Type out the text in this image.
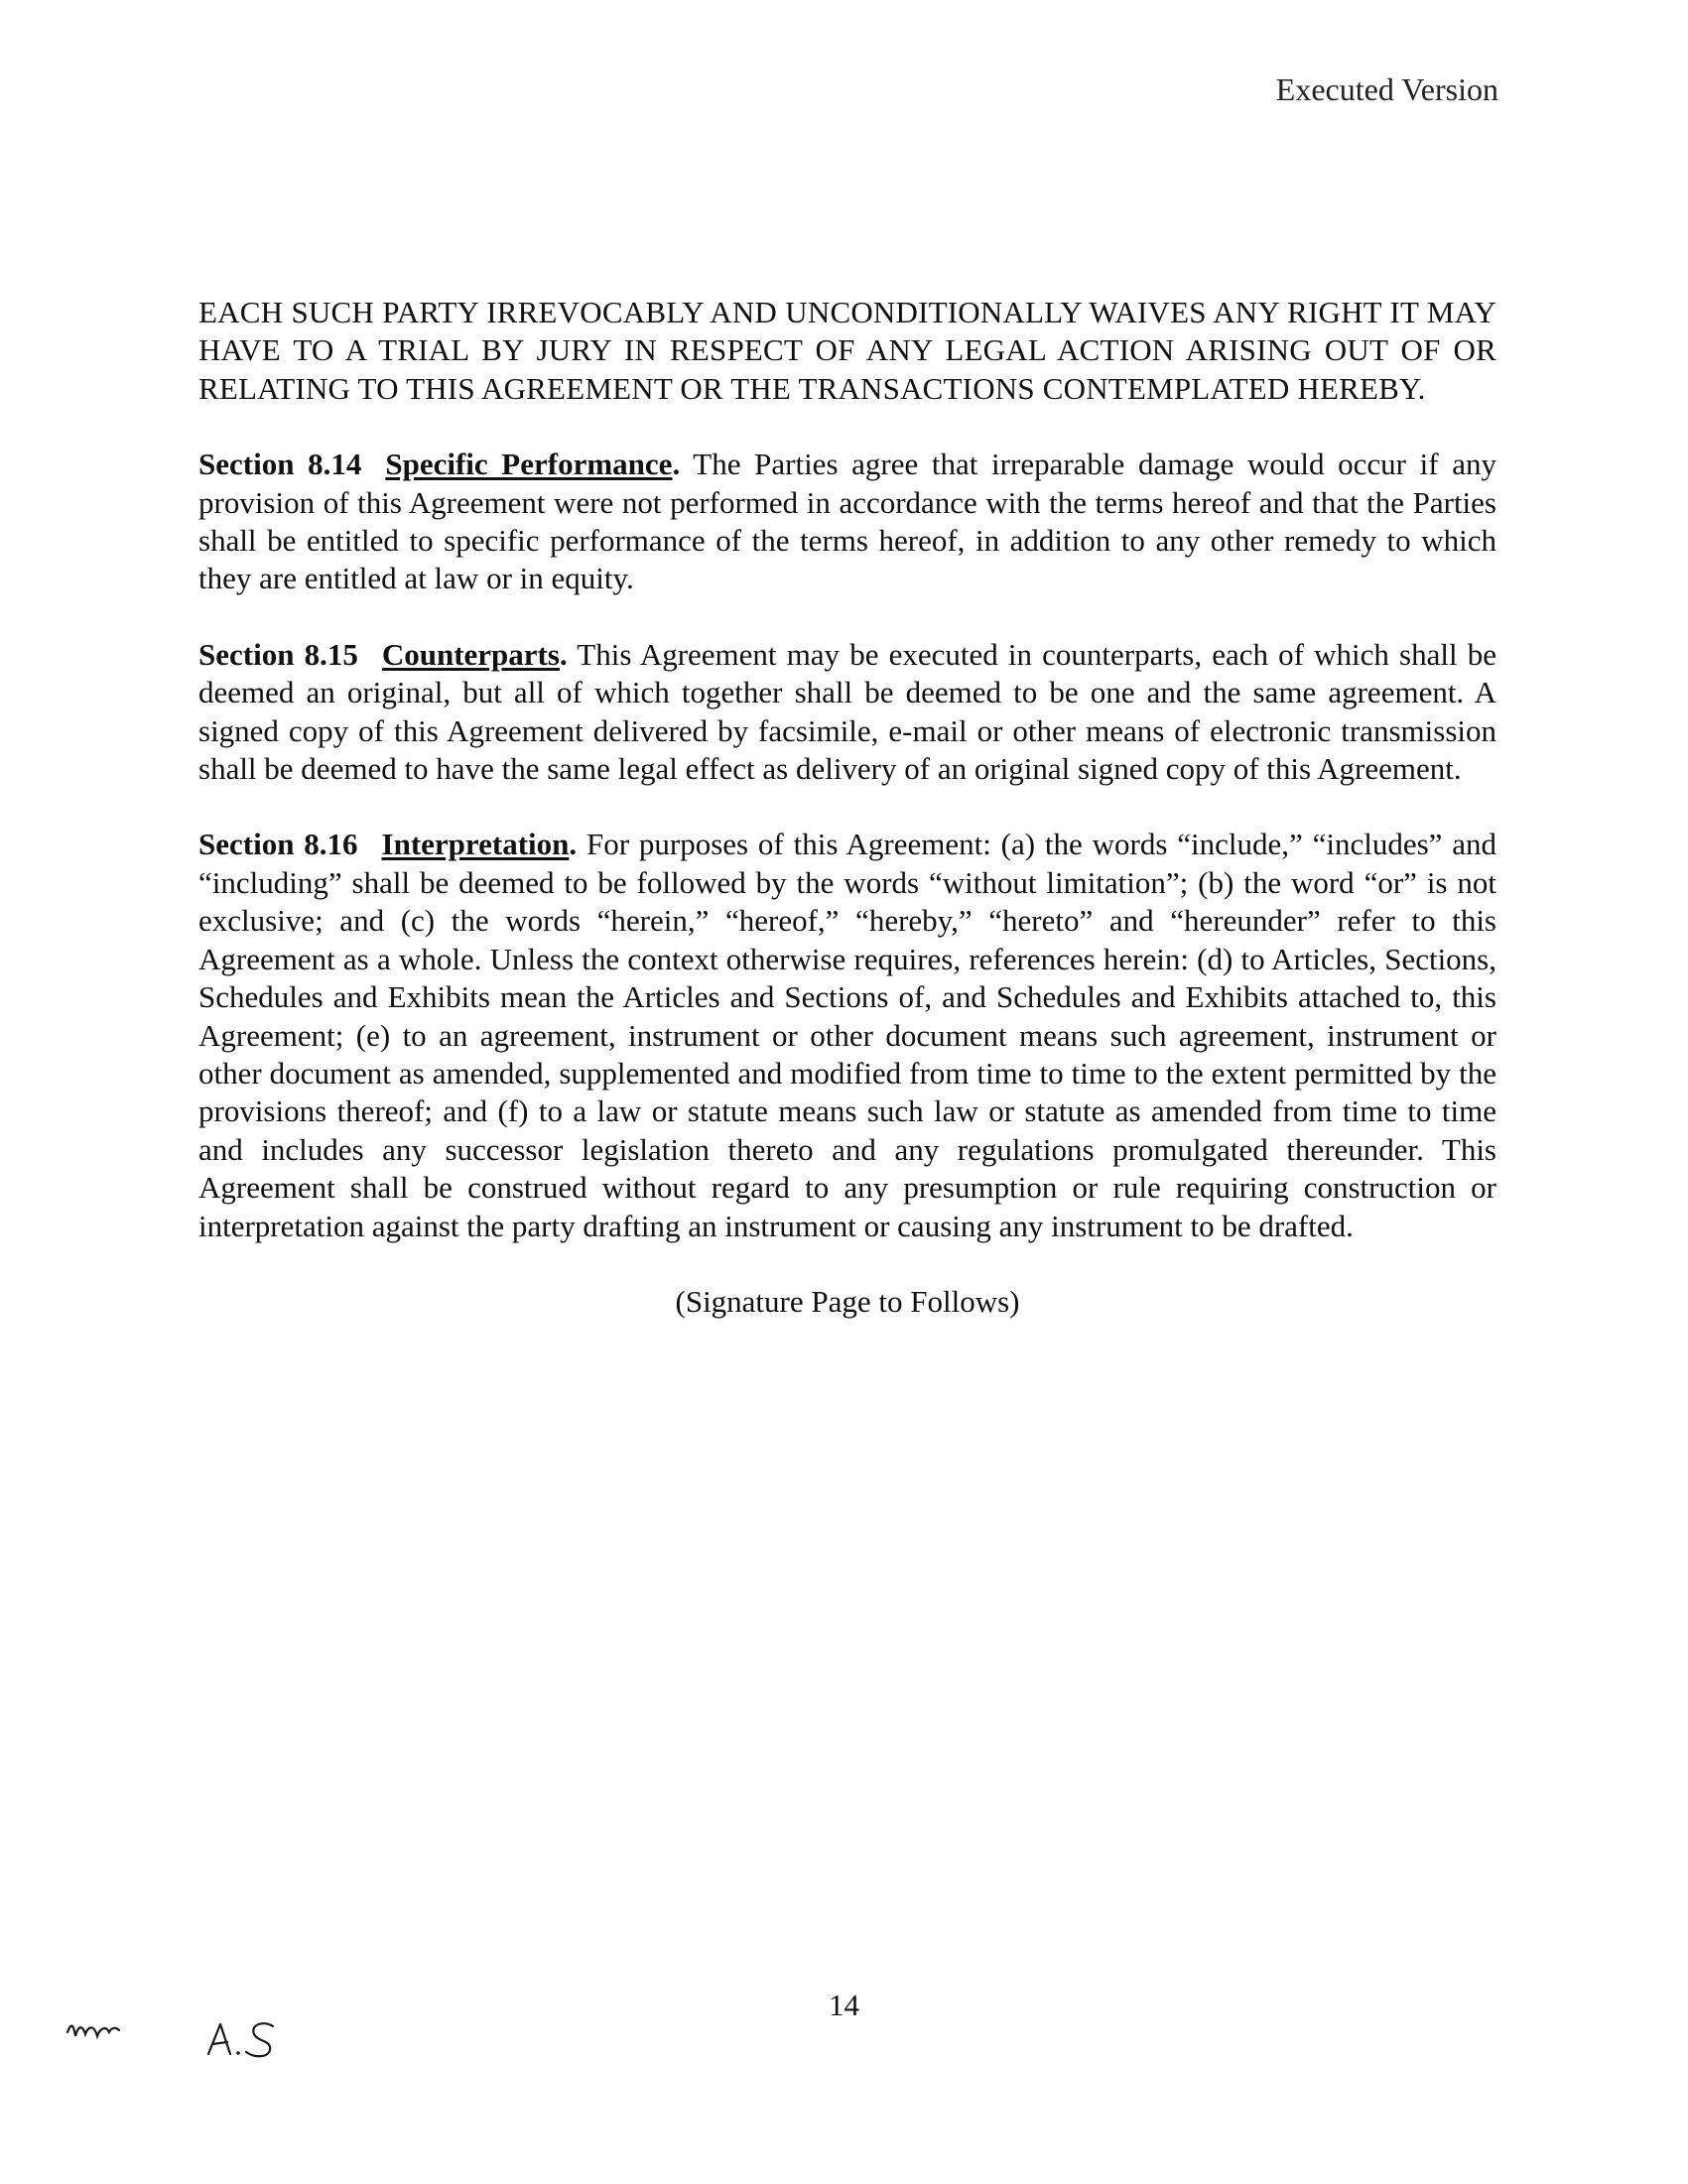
Executed Version

EACH SUCH PARTY IRREVOCABLY AND UNCONDITIONALLY WAIVES ANY RIGHT IT MAY HAVE TO A TRIAL BY JURY IN RESPECT OF ANY LEGAL ACTION ARISING OUT OF OR RELATING TO THIS AGREEMENT OR THE TRANSACTIONS CONTEMPLATED HEREBY.

Section 8.14 Specific Performance. The Parties agree that irreparable damage would occur if any provision of this Agreement were not performed in accordance with the terms hereof and that the Parties shall be entitled to specific performance of the terms hereof, in addition to any other remedy to which they are entitled at law or in equity.

Section 8.15 Counterparts. This Agreement may be executed in counterparts, each of which shall be deemed an original, but all of which together shall be deemed to be one and the same agreement. A signed copy of this Agreement delivered by facsimile, e-mail or other means of electronic transmission shall be deemed to have the same legal effect as delivery of an original signed copy of this Agreement.

Section 8.16 Interpretation. For purposes of this Agreement: (a) the words “include,” “includes” and “including” shall be deemed to be followed by the words “without limitation”; (b) the word “or” is not exclusive; and (c) the words “herein,” “hereof,” “hereby,” “hereto” and “hereunder” refer to this Agreement as a whole. Unless the context otherwise requires, references herein: (d) to Articles, Sections, Schedules and Exhibits mean the Articles and Sections of, and Schedules and Exhibits attached to, this Agreement; (e) to an agreement, instrument or other document means such agreement, instrument or other document as amended, supplemented and modified from time to time to the extent permitted by the provisions thereof; and (f) to a law or statute means such law or statute as amended from time to time and includes any successor legislation thereto and any regulations promulgated thereunder. This Agreement shall be construed without regard to any presumption or rule requiring construction or interpretation against the party drafting an instrument or causing any instrument to be drafted.

(Signature Page to Follows)

14
